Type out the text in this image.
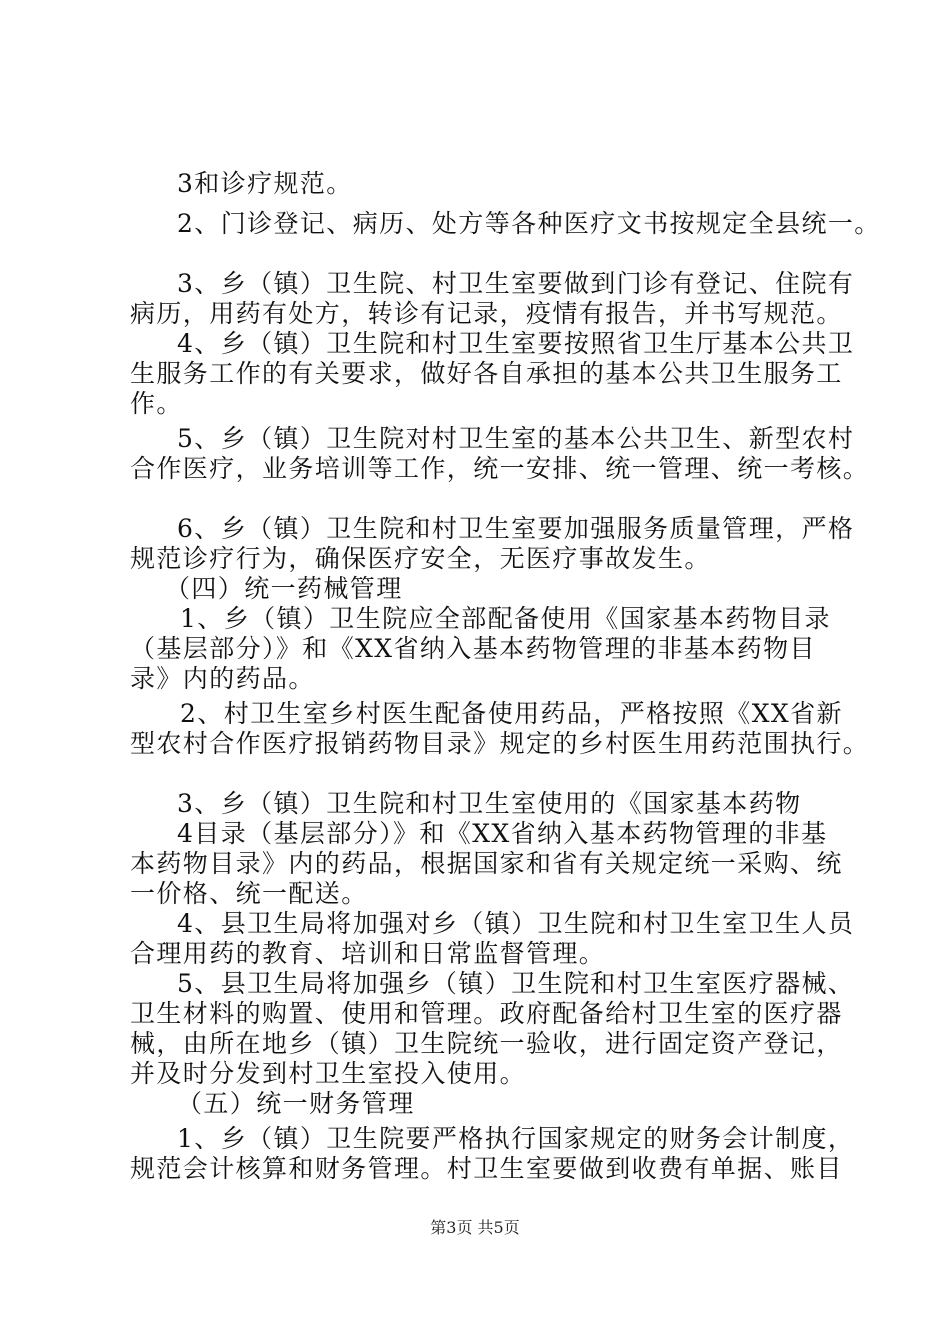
3和诊疗规范。

2、门诊登记、病历、处方等各种医疗文书按规定全县统一。

3、乡（镇）卫生院、村卫生室要做到门诊有登记、住院有

病历，用药有处方，转诊有记录，疫情有报告，并书写规范。

4、乡（镇）卫生院和村卫生室要按照省卫生厅基本公共卫

生服务工作的有关要求，做好各自承担的基本公共卫生服务工

作。

5、乡（镇）卫生院对村卫生室的基本公共卫生、新型农村

合作医疗，业务培训等工作，统一安排、统一管理、统一考核。

6、乡（镇）卫生院和村卫生室要加强服务质量管理，严格

规范诊疗行为，确保医疗安全，无医疗事故发生。

（四）统一药械管理

1、乡（镇）卫生院应全部配备使用《国家基本药物目录

（基层部分）》和《XX省纳入基本药物管理的非基本药物目

录》内的药品。

2、村卫生室乡村医生配备使用药品，严格按照《XX省新

型农村合作医疗报销药物目录》规定的乡村医生用药范围执行。

3、乡（镇）卫生院和村卫生室使用的《国家基本药物

4目录（基层部分）》和《XX省纳入基本药物管理的非基

本药物目录》内的药品，根据国家和省有关规定统一采购、统

一价格、统一配送。

4、县卫生局将加强对乡（镇）卫生院和村卫生室卫生人员

合理用药的教育、培训和日常监督管理。

5、县卫生局将加强乡（镇）卫生院和村卫生室医疗器械、

卫生材料的购置、使用和管理。政府配备给村卫生室的医疗器

械，由所在地乡（镇）卫生院统一验收，进行固定资产登记，

并及时分发到村卫生室投入使用。

（五）统一财务管理

1、乡（镇）卫生院要严格执行国家规定的财务会计制度，

规范会计核算和财务管理。村卫生室要做到收费有单据、账目

第3页 共5页
